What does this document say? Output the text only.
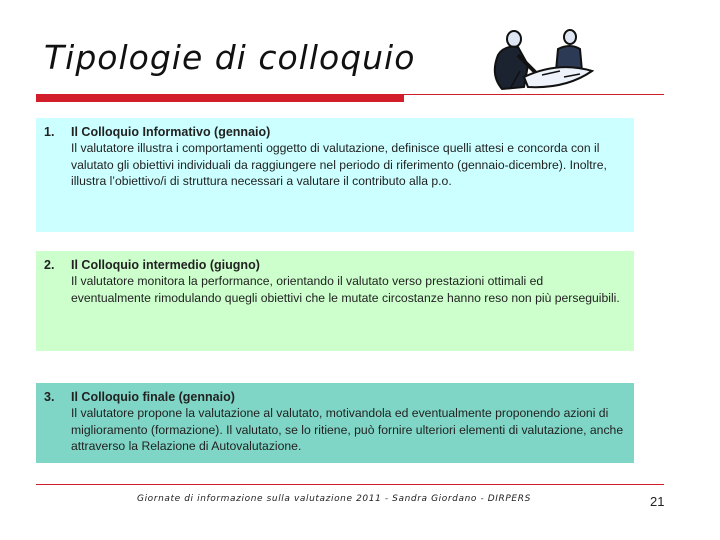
Tipologie di colloquio
1.	Il Colloquio Informativo (gennaio)
Il valutatore illustra i comportamenti oggetto di valutazione, definisce quelli attesi e concorda con il valutato gli obiettivi individuali da raggiungere nel periodo di riferimento (gennaio-dicembre). Inoltre, illustra l’obiettivo/i di struttura necessari a valutare il contributo alla p.o.
2.	Il Colloquio intermedio (giugno)
Il valutatore monitora la performance, orientando il valutato verso prestazioni ottimali ed eventualmente rimodulando quegli obiettivi che le mutate circostanze hanno reso non più perseguibili.
3.	Il Colloquio finale (gennaio)
Il valutatore propone la valutazione al valutato, motivandola ed eventualmente proponendo azioni di miglioramento (formazione). Il valutato, se lo ritiene, può fornire ulteriori elementi di valutazione, anche attraverso la Relazione di Autovalutazione.
Giornate di informazione sulla valutazione 2011 - Sandra Giordano - DIRPERS	21
